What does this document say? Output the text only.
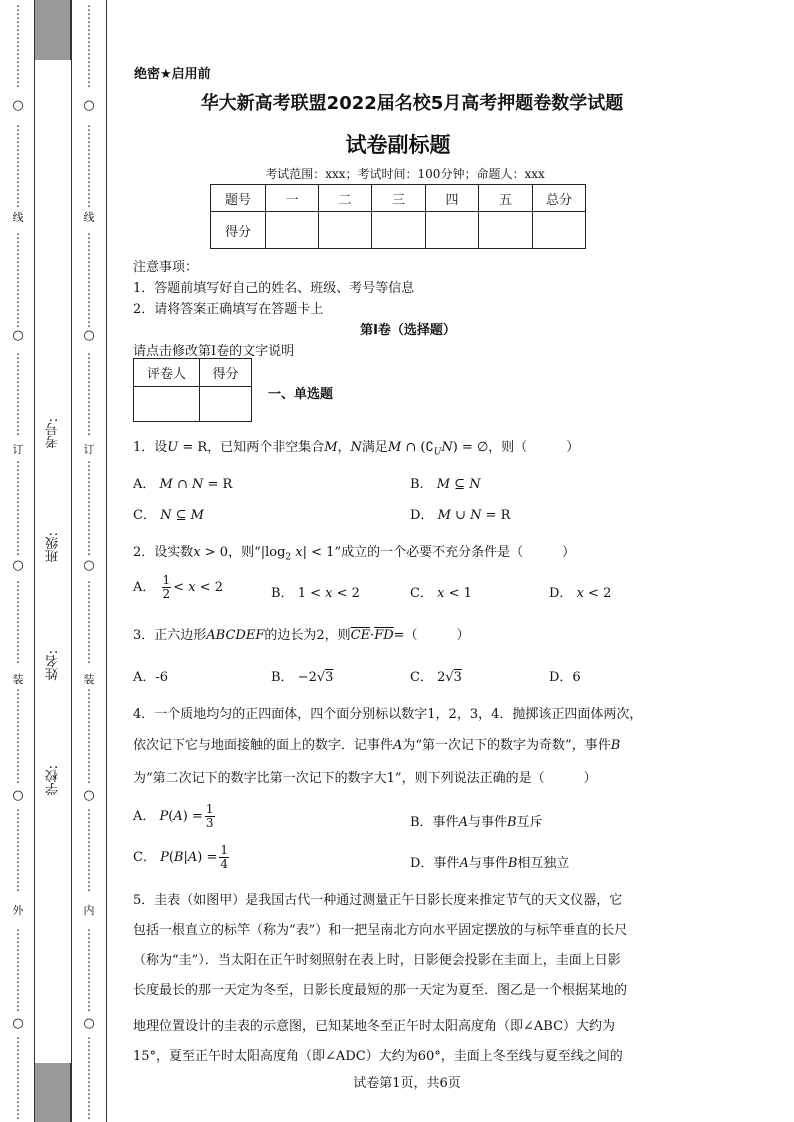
⋮
⋮
⋮
⋮
⋮
⋮
⋮
⋮
⋮
⋮
⋮
⋮
⋮
⋮
⋮
⋮
⋮
⋮
⋮
⋮
⋮
⋮
⋮
⋮
⋮
⋮
⋮
⋮
⋮
⋮
⋮
⋮
⋮
⋮
⋮
⋮
⋮
⋮
⋮
⋮
⋮
⋮
⋮
⋮
⋮
⋮
⋮
⋮
⋮
⋮
⋮
⋮
⋮
⋮
⋮
⋮
⋮
⋮
⋮
⋮
⋮
⋮
⋮
⋮
⋮
⋮
⋮
⋮
⋮
⋮
⋮
⋮
⋮
○
线
○
订
○
装
○
外
○
⋮
⋮
⋮
⋮
⋮
⋮
⋮
⋮
⋮
⋮
⋮
⋮
⋮
⋮
⋮
⋮
⋮
⋮
⋮
⋮
⋮
⋮
⋮
⋮
⋮
⋮
⋮
⋮
⋮
⋮
⋮
⋮
⋮
⋮
⋮
⋮
⋮
⋮
⋮
⋮
⋮
⋮
⋮
⋮
⋮
⋮
⋮
⋮
⋮
⋮
⋮
⋮
⋮
⋮
⋮
⋮
⋮
⋮
⋮
⋮
⋮
⋮
⋮
⋮
⋮
⋮
⋮
⋮
⋮
⋮
⋮
⋮
⋮
○
线
○
订
○
装
○
内
○
考号:
班级:
姓名:
学校:
绝密★启用前
华大新高考联盟2022届名校5月高考押题卷数学试题
试卷副标题
考试范围：xxx；考试时间：100分钟；命题人：xxx
题号	一	二	三	四	五	总分
得分						
注意事项：
1．答题前填写好自己的姓名、班级、考号等信息
2．请将答案正确填写在答题卡上
第I卷（选择题）
请点击修改第I卷的文字说明
评卷人	得分

一、单选题
1．设U = R，已知两个非空集合M，N满足M ∩ $(∁_UN)$ = ∅，则（　　　）
A． M ∩ N = R	B． M ⊆ N
C． N ⊆ M	D． M ∪ N = R
2．设实数x > 0，则“$|\log_2$ x| < 1”成立的一个必要不充分条件是（　　　）
A． $\frac{1}{2} < x < 2$	B． 1 < x < 2	C． x < 1	D． x < 2
3．正六边形ABCDEF的边长为2，则$\overline{CE}\cdot\overline{FD}=$（　　　）
A．-6	B． −2√3	C． 2√3	D．6
4．一个质地均匀的正四面体，四个面分别标以数字1，2，3，4．抛掷该正四面体两次，
依次记下它与地面接触的面上的数字．记事件A为“第一次记下的数字为奇数”，事件B
为“第二次记下的数字比第一次记下的数字大1”，则下列说法正确的是（　　　）
A． $P(A) = \frac{1}{3}$	B．事件A与事件B互斥
C． $P(B|A) = \frac{1}{4}$	D．事件A与事件B相互独立
5．圭表（如图甲）是我国古代一种通过测量正午日影长度来推定节气的天文仪器，它
包括一根直立的标竿（称为“表”）和一把呈南北方向水平固定摆放的与标竿垂直的长尺
（称为“圭”）．当太阳在正午时刻照射在表上时，日影便会投影在圭面上，圭面上日影
长度最长的那一天定为冬至，日影长度最短的那一天定为夏至．图乙是一个根据某地的
地理位置设计的圭表的示意图，已知某地冬至正午时太阳高度角（即∠ABC）大约为
15°，夏至正午时太阳高度角（即∠ADC）大约为60°，圭面上冬至线与夏至线之间的
试卷第1页，共6页
